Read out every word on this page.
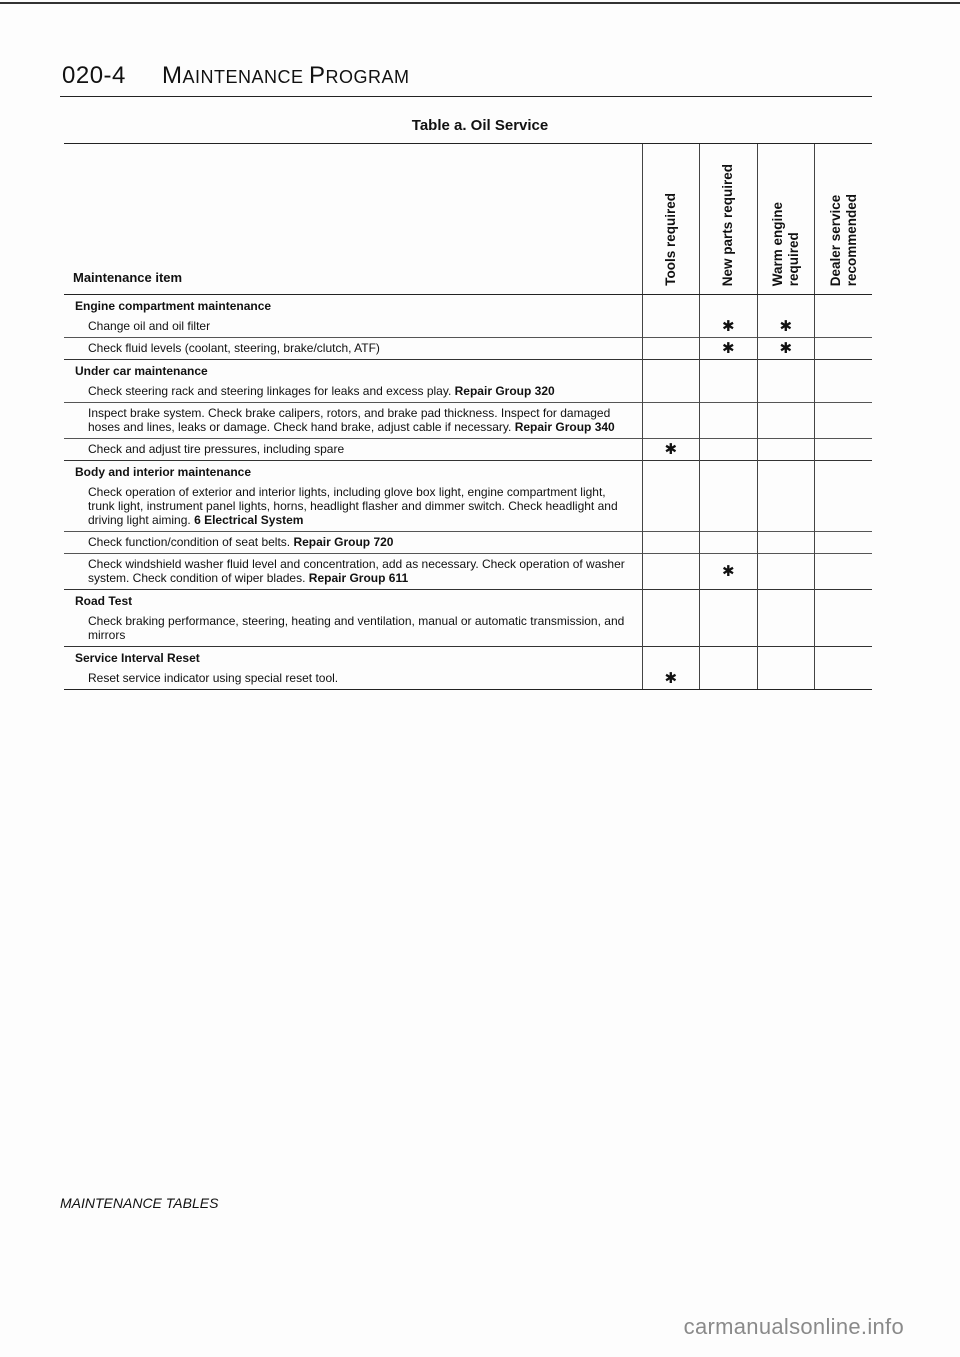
020-4 MAINTENANCE PROGRAM
Table a. Oil Service
Maintenance item	Tools required	New parts required	Warm engine required	Dealer service recommended

Engine compartment maintenance				
Change oil and oil filter		✱	✱	
Check fluid levels (coolant, steering, brake/clutch, ATF)		✱	✱	
Under car maintenance				
Check steering rack and steering linkages for leaks and excess play. Repair Group 320				
Inspect brake system. Check brake calipers, rotors, and brake pad thickness. Inspect for damaged hoses and lines, leaks or damage. Check hand brake, adjust cable if necessary. Repair Group 340				
Check and adjust tire pressures, including spare	✱			
Body and interior maintenance				
Check operation of exterior and interior lights, including glove box light, engine compartment light, trunk light, instrument panel lights, horns, headlight flasher and dimmer switch. Check headlight and driving light aiming. 6 Electrical System				
Check function/condition of seat belts. Repair Group 720				
Check windshield washer fluid level and concentration, add as necessary. Check operation of washer system. Check condition of wiper blades. Repair Group 611		✱		
Road Test				
Check braking performance, steering, heating and ventilation, manual or automatic transmission, and mirrors				
Service Interval Reset				
Reset service indicator using special reset tool.	✱			
MAINTENANCE TABLES
carmanualsonline.info
